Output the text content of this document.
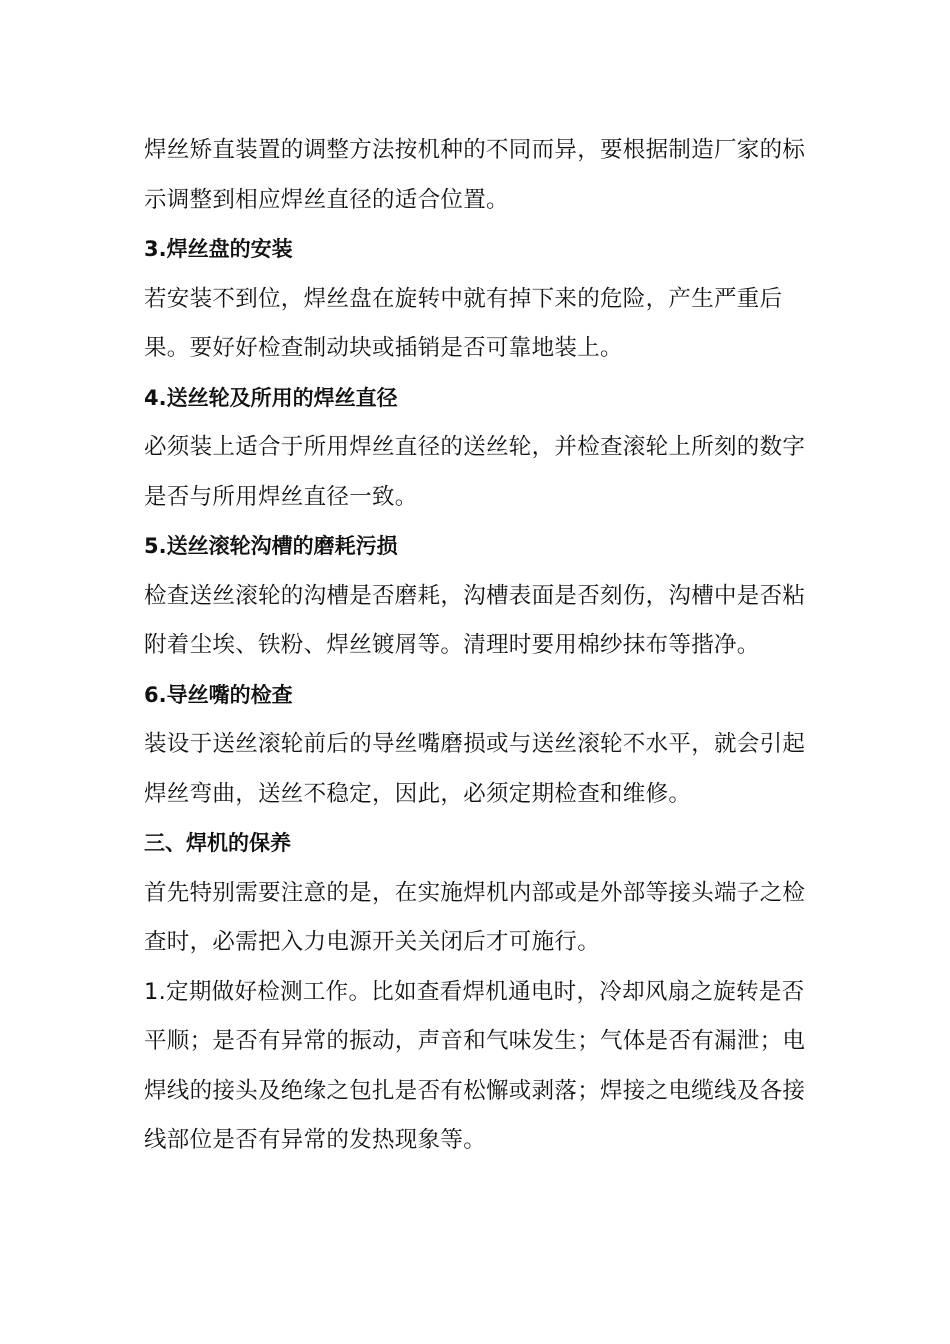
焊丝矫直装置的调整方法按机种的不同而异，要根据制造厂家的标示调整到相应焊丝直径的适合位置。

3.焊丝盘的安装

若安装不到位，焊丝盘在旋转中就有掉下来的危险，产生严重后果。要好好检查制动块或插销是否可靠地装上。

4.送丝轮及所用的焊丝直径

必须装上适合于所用焊丝直径的送丝轮，并检查滚轮上所刻的数字是否与所用焊丝直径一致。

5.送丝滚轮沟槽的磨耗污损

检查送丝滚轮的沟槽是否磨耗，沟槽表面是否刻伤，沟槽中是否粘附着尘埃、铁粉、焊丝镀屑等。清理时要用棉纱抹布等揩净。

6.导丝嘴的检查

装设于送丝滚轮前后的导丝嘴磨损或与送丝滚轮不水平，就会引起焊丝弯曲，送丝不稳定，因此，必须定期检查和维修。

三、焊机的保养

首先特别需要注意的是，在实施焊机内部或是外部等接头端子之检查时，必需把入力电源开关关闭后才可施行。

1.定期做好检测工作。比如查看焊机通电时，冷却风扇之旋转是否平顺；是否有异常的振动，声音和气味发生；气体是否有漏泄；电焊线的接头及绝缘之包扎是否有松懈或剥落；焊接之电缆线及各接线部位是否有异常的发热现象等。
